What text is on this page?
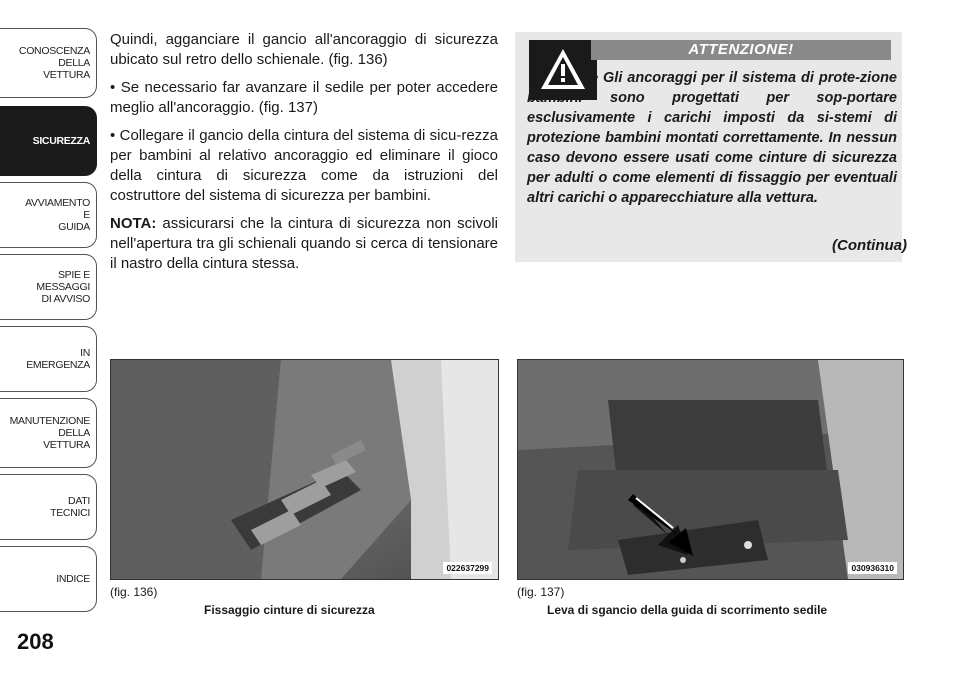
CONOSCENZA
DELLA
VETTURA
SICUREZZA
AVVIAMENTO
E
GUIDA
SPIE E
MESSAGGI
DI AVVISO
IN
EMERGENZA
MANUTENZIONE
DELLA
VETTURA
DATI
TECNICI
INDICE
208

Quindi, agganciare il gancio all'ancoraggio di sicurezza ubicato sul retro dello schienale. (fig. 136)

• Se necessario far avanzare il sedile per poter accedere meglio all'ancoraggio. (fig. 137)

• Collegare il gancio della cintura del sistema di sicu-rezza per bambini al relativo ancoraggio ed eliminare il gioco della cintura di sicurezza come da istruzioni del costruttore del sistema di sicurezza per bambini.

NOTA: assicurarsi che la cintura di sicurezza non scivoli nell'apertura tra gli schienali quando si cerca di tensionare il nastro della cintura stessa.

ATTENZIONE!
• Gli ancoraggi per il sistema di prote-zione bambini sono progettati per sop-portare esclusivamente i carichi imposti da si-stemi di protezione bambini montati correttamente. In nessun caso devono essere usati come cinture di sicurezza per adulti o come elementi di fissaggio per eventuali altri carichi o apparecchiature alla vettura.
(Continua)
022637299
(fig. 136)
Fissaggio cinture di sicurezza
030936310
(fig. 137)
Leva di sgancio della guida di scorrimento sedile
